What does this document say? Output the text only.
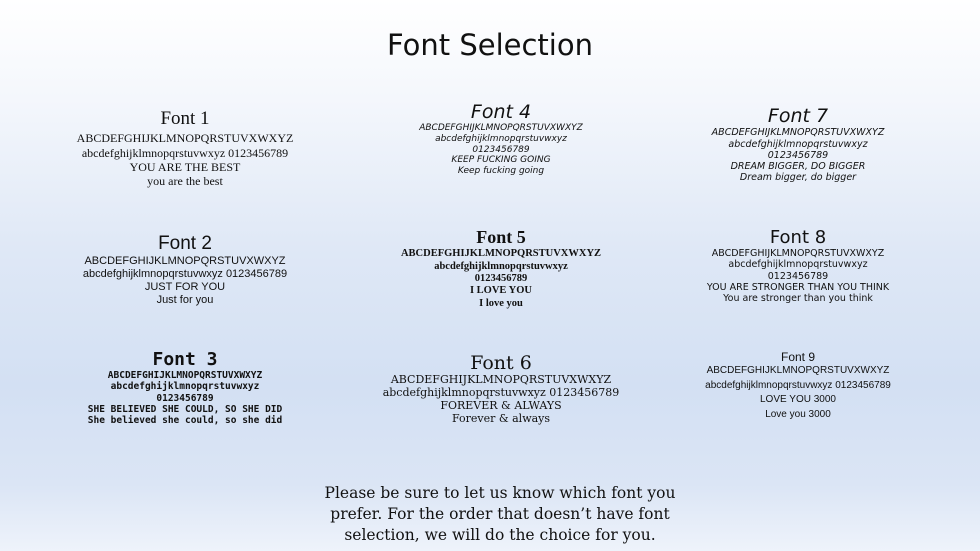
Font Selection
Font 1
ABCDEFGHIJKLMNOPQRSTUVXWXYZ
abcdefghijklmnopqrstuvwxyz 0123456789
YOU ARE THE BEST
you are the best
Font 2
ABCDEFGHIJKLMNOPQRSTUVXWXYZ
abcdefghijklmnopqrstuvwxyz 0123456789
JUST FOR YOU
Just for you
Font 3
ABCDEFGHIJKLMNOPQRSTUVXWXYZ
abcdefghijklmnopqrstuvwxyz
0123456789
SHE BELIEVED SHE COULD, SO SHE DID
She believed she could, so she did
Font 4
ABCDEFGHIJKLMNOPQRSTUVXWXYZ
abcdefghijklmnopqrstuvwxyz
0123456789
KEEP FUCKING GOING
Keep fucking going
Font 5
ABCDEFGHIJKLMNOPQRSTUVXWXYZ
abcdefghijklmnopqrstuvwxyz
0123456789
I LOVE YOU
I love you
Font 6
ABCDEFGHIJKLMNOPQRSTUVXWXYZ
abcdefghijklmnopqrstuvwxyz 0123456789
FOREVER & ALWAYS
Forever & always
Font 7
ABCDEFGHIJKLMNOPQRSTUVXWXYZ
abcdefghijklmnopqrstuvwxyz
0123456789
DREAM BIGGER, DO BIGGER
Dream bigger, do bigger
Font 8
ABCDEFGHIJKLMNOPQRSTUVXWXYZ
abcdefghijklmnopqrstuvwxyz
0123456789
YOU ARE STRONGER THAN YOU THINK
You are stronger than you think
Font 9
ABCDEFGHIJKLMNOPQRSTUVXWXYZ
abcdefghijklmnopqrstuvwxyz 0123456789
LOVE YOU 3000
Love you 3000
Please be sure to let us know which font you
prefer. For the order that doesn’t have font
selection, we will do the choice for you.
